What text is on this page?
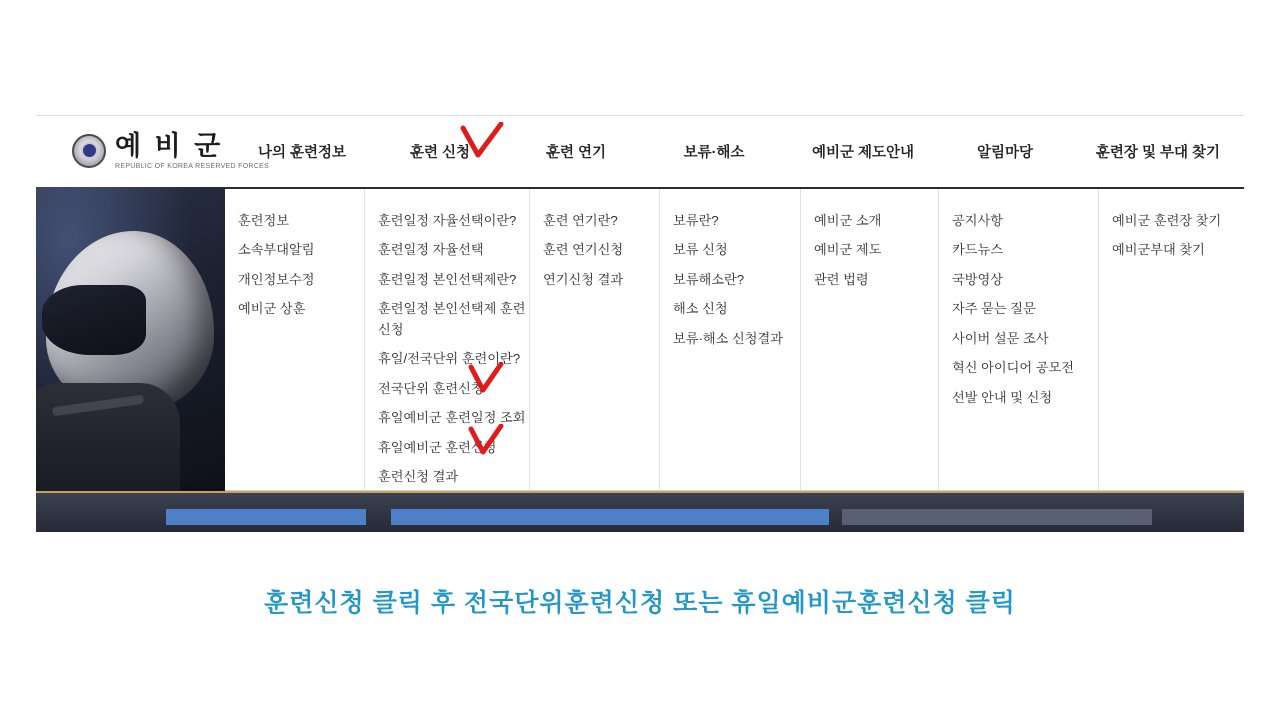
예 비 군
REPUBLIC OF KOREA RESERVED FORCES
나의 훈련정보	훈련 신청	훈련 연기	보류·해소	예비군 제도안내	알림마당	훈련장 및 부대 찾기
훈련정보
소속부대알림
개인정보수정
예비군 상훈
훈련일정 자율선택이란?
훈련일정 자율선택
훈련일정 본인선택제란?
훈련일정 본인선택제 훈련신청
휴일/전국단위 훈련이란?
전국단위 훈련신청
휴일예비군 훈련일정 조회
휴일예비군 훈련신청
훈련신청 결과
훈련 연기란?
훈련 연기신청
연기신청 결과
보류란?
보류 신청
보류해소란?
해소 신청
보류·해소 신청결과
예비군 소개
예비군 제도
관련 법령
공지사항
카드뉴스
국방영상
자주 묻는 질문
사이버 설문 조사
혁신 아이디어 공모전
선발 안내 및 신청
예비군 훈련장 찾기
예비군부대 찾기
훈련신청 클릭 후 전국단위훈련신청 또는 휴일예비군훈련신청 클릭
